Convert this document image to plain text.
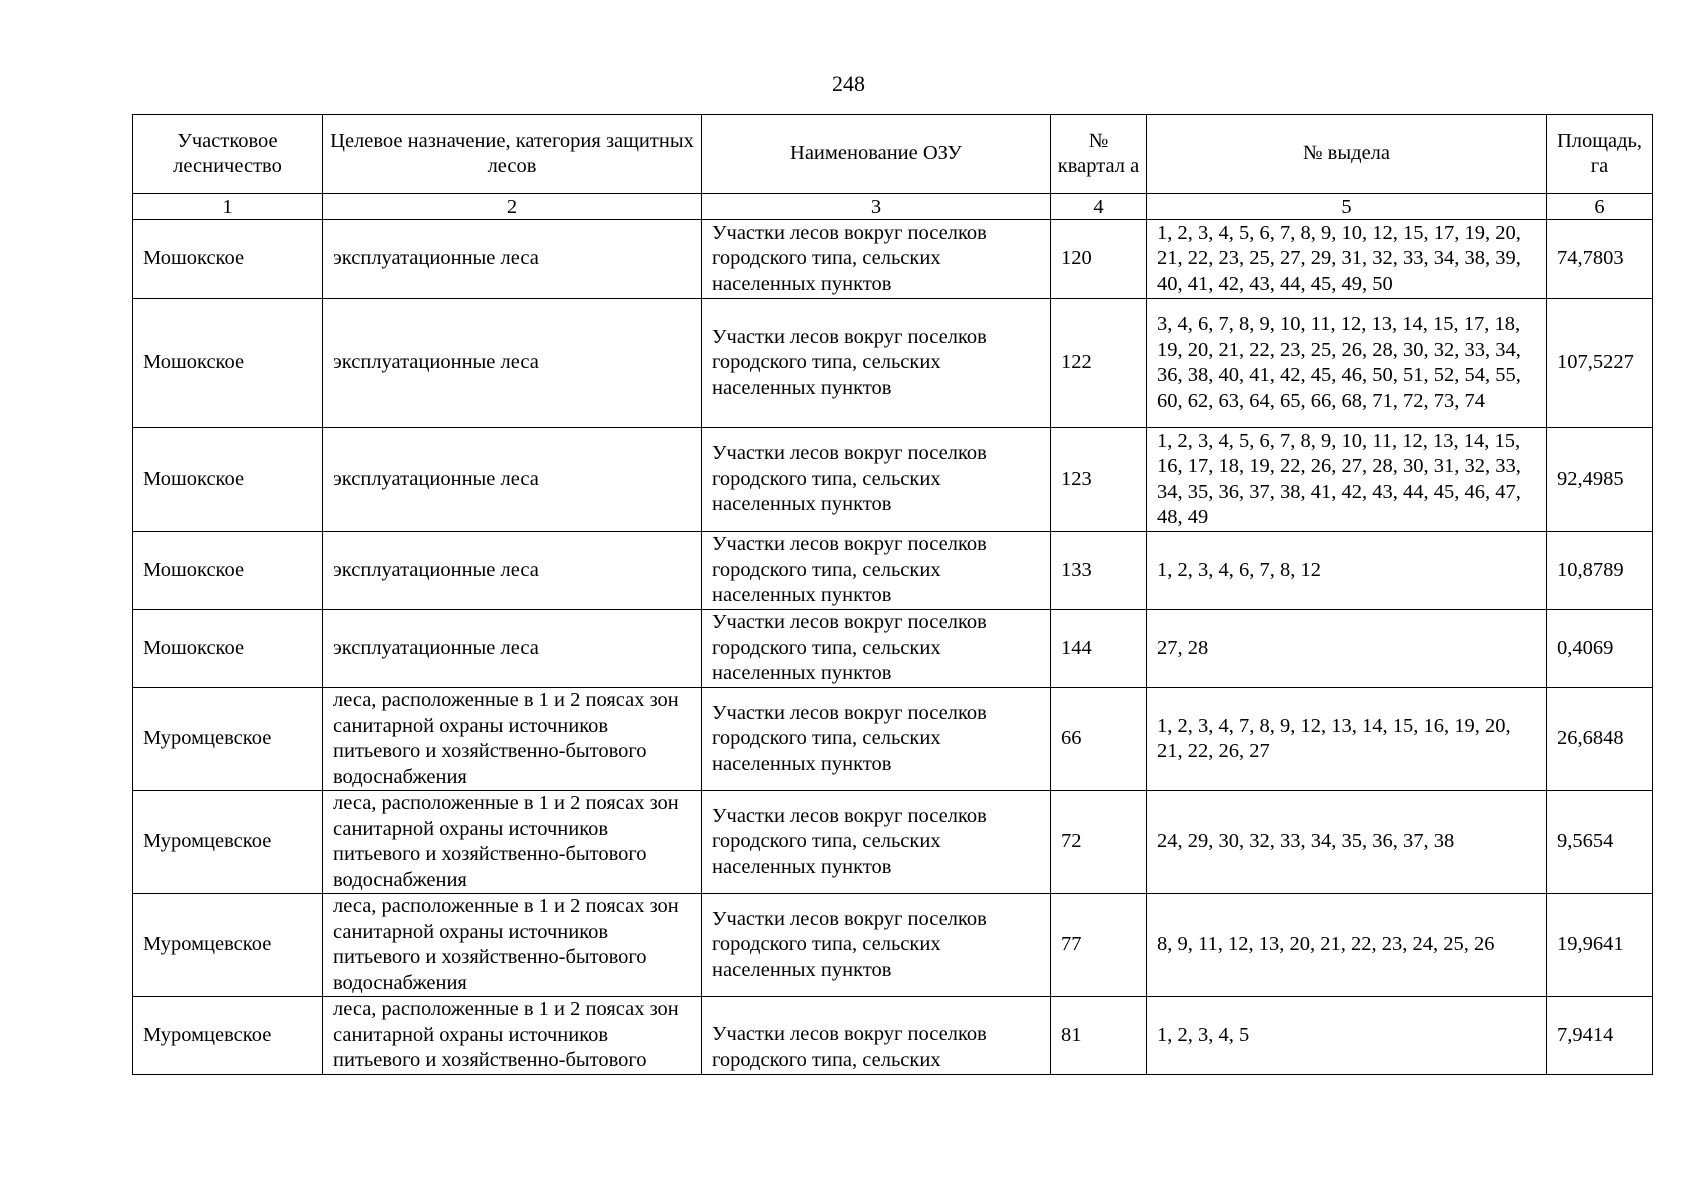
248
Участковое лесничество	Целевое назначение, категория защитных лесов	Наименование ОЗУ	№ квартал а	№ выдела	Площадь, га
1	2	3	4	5	6
Мошокское	эксплуатационные леса	Участки лесов вокруг поселков городского типа, сельских населенных пунктов	120	1, 2, 3, 4, 5, 6, 7, 8, 9, 10, 12, 15, 17, 19, 20, 21, 22, 23, 25, 27, 29, 31, 32, 33, 34, 38, 39, 40, 41, 42, 43, 44, 45, 49, 50	74,7803
Мошокское	эксплуатационные леса	Участки лесов вокруг поселков городского типа, сельских населенных пунктов	122	3, 4, 6, 7, 8, 9, 10, 11, 12, 13, 14, 15, 17, 18, 19, 20, 21, 22, 23, 25, 26, 28, 30, 32, 33, 34, 36, 38, 40, 41, 42, 45, 46, 50, 51, 52, 54, 55, 60, 62, 63, 64, 65, 66, 68, 71, 72, 73, 74	107,5227
Мошокское	эксплуатационные леса	Участки лесов вокруг поселков городского типа, сельских населенных пунктов	123	1, 2, 3, 4, 5, 6, 7, 8, 9, 10, 11, 12, 13, 14, 15, 16, 17, 18, 19, 22, 26, 27, 28, 30, 31, 32, 33, 34, 35, 36, 37, 38, 41, 42, 43, 44, 45, 46, 47, 48, 49	92,4985
Мошокское	эксплуатационные леса	Участки лесов вокруг поселков городского типа, сельских населенных пунктов	133	1, 2, 3, 4, 6, 7, 8, 12	10,8789
Мошокское	эксплуатационные леса	Участки лесов вокруг поселков городского типа, сельских населенных пунктов	144	27, 28	0,4069
Муромцевское	леса, расположенные в 1 и 2 поясах зон санитарной охраны источников питьевого и хозяйственно-бытового водоснабжения	Участки лесов вокруг поселков городского типа, сельских населенных пунктов	66	1, 2, 3, 4, 7, 8, 9, 12, 13, 14, 15, 16, 19, 20, 21, 22, 26, 27	26,6848
Муромцевское	леса, расположенные в 1 и 2 поясах зон санитарной охраны источников питьевого и хозяйственно-бытового водоснабжения	Участки лесов вокруг поселков городского типа, сельских населенных пунктов	72	24, 29, 30, 32, 33, 34, 35, 36, 37, 38	9,5654
Муромцевское	леса, расположенные в 1 и 2 поясах зон санитарной охраны источников питьевого и хозяйственно-бытового водоснабжения	Участки лесов вокруг поселков городского типа, сельских населенных пунктов	77	8, 9, 11, 12, 13, 20, 21, 22, 23, 24, 25, 26	19,9641
Муромцевское	леса, расположенные в 1 и 2 поясах зон санитарной охраны источников питьевого и хозяйственно-бытового	Участки лесов вокруг поселков городского типа, сельских	81	1, 2, 3, 4, 5	7,9414
